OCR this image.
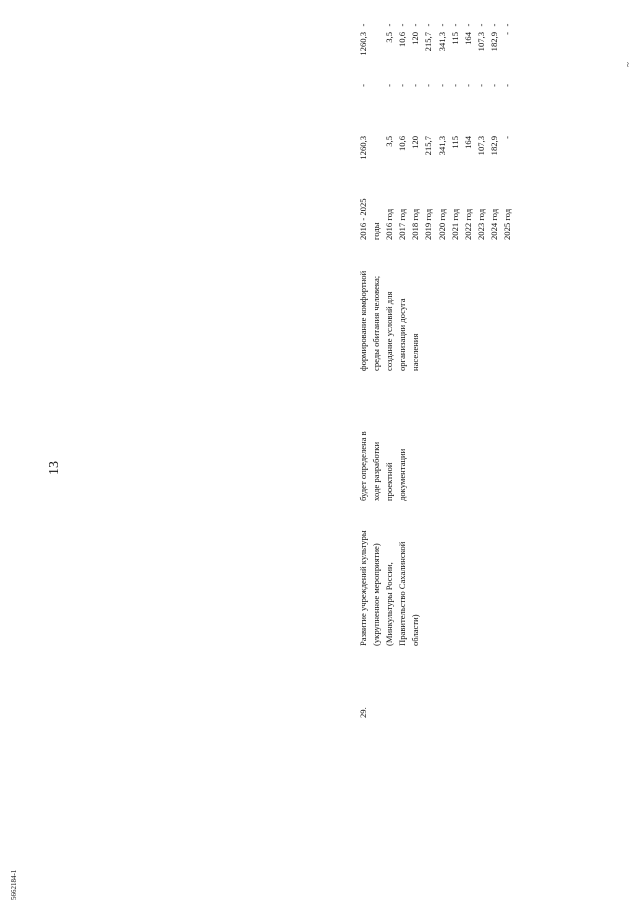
13
5662184-1
~
29.
Развитие учреждений культуры (укрупненное мероприятие) (Минкультуры России, Правительство Сахалинской области)
будет определена в ходе разработки проектной документации
формирование комфортной среды обитания человека; создание условий для организации досуга населения
2016 - 2025 годы 2016 год 2017 год 2018 год 2019 год 2020 год 2021 год 2022 год 2023 год 2024 год 2025 год
1260,3 3,5 10,6 120 215,7 341,3 115 164 107,3 182,9 -
- - - - - - - - - - -
1260,3 3,5 10,6 120 215,7 341,3 115 164 107,3 182,9 -
- - - - - - - - - - -
